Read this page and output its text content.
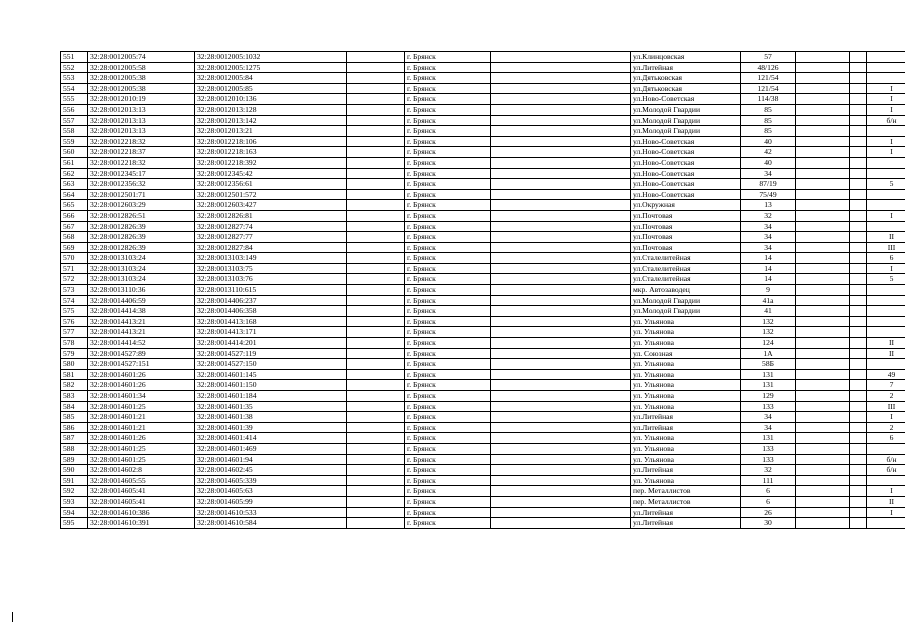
551	32:28:0012005:74	32:28:0012005:1032		г. Брянск		ул.Клинцовская	57			
552	32:28:0012005:58	32:28:0012005:1275		г. Брянск		ул.Литейная	48/126			
553	32:28:0012005:38	32:28:0012005:84		г. Брянск		ул.Дятьковская	121/54			
554	32:28:0012005:38	32:28:0012005:85		г. Брянск		ул.Дятьковская	121/54			I
555	32:28:0012010:19	32:28:0012010:136		г. Брянск		ул.Ново-Советская	114/38			I
556	32:28:0012013:13	32:28:0012013:128		г. Брянск		ул.Молодой Гвардии	85			I
557	32:28:0012013:13	32:28:0012013:142		г. Брянск		ул.Молодой Гвардии	85			б/н
558	32:28:0012013:13	32:28:0012013:21		г. Брянск		ул.Молодой Гвардии	85			
559	32:28:0012218:32	32:28:0012218:106		г. Брянск		ул.Ново-Советская	40			I
560	32:28:0012218:37	32:28:0012218:163		г. Брянск		ул.Ново-Советская	42			I
561	32:28:0012218:32	32:28:0012218:392		г. Брянск		ул.Ново-Советская	40			
562	32:28:0012345:17	32:28:0012345:42		г. Брянск		ул.Ново-Советская	34			
563	32:28:0012356:32	32:28:0012356:61		г. Брянск		ул.Ново-Советская	87/19			5
564	32:28:0012501:71	32:28:0012501:572		г. Брянск		ул.Ново-Советская	75/49			
565	32:28:0012603:29	32:28:0012603:427		г. Брянск		ул.Окружная	13			
566	32:28:0012826:51	32:28:0012826:81		г. Брянск		ул.Почтовая	32			I
567	32:28:0012826:39	32:28:0012827:74		г. Брянск		ул.Почтовая	34			
568	32:28:0012826:39	32:28:0012827:77		г. Брянск		ул.Почтовая	34			II
569	32:28:0012826:39	32:28:0012827:84		г. Брянск		ул.Почтовая	34			III
570	32:28:0013103:24	32:28:0013103:149		г. Брянск		ул.Сталелитейная	14			6
571	32:28:0013103:24	32:28:0013103:75		г. Брянск		ул.Сталелитейная	14			I
572	32:28:0013103:24	32:28:0013103:76		г. Брянск		ул.Сталелитейная	14			5
573	32:28:0013110:36	32:28:0013110:615		г. Брянск		мкр. Автозаводец	9			
574	32:28:0014406:59	32:28:0014406:237		г. Брянск		ул.Молодой Гвардии	41а			
575	32:28:0014414:38	32:28:0014406:358		г. Брянск		ул.Молодой Гвардии	41			
576	32:28:0014413:21	32:28:0014413:168		г. Брянск		ул. Ульянова	132			
577	32:28:0014413:21	32:28:0014413:171		г. Брянск		ул. Ульянова	132			
578	32:28:0014414:52	32:28:0014414:201		г. Брянск		ул. Ульянова	124			II
579	32:28:0014527:89	32:28:0014527:119		г. Брянск		ул. Союзная	1А			II
580	32:28:0014527:151	32:28:0014527:150		г. Брянск		ул. Ульянова	58Б			
581	32:28:0014601:26	32:28:0014601:145		г. Брянск		ул. Ульянова	131			49
582	32:28:0014601:26	32:28:0014601:150		г. Брянск		ул. Ульянова	131			7
583	32:28:0014601:34	32:28:0014601:184		г. Брянск		ул. Ульянова	129			2
584	32:28:0014601:25	32:28:0014601:35		г. Брянск		ул. Ульянова	133			III
585	32:28:0014601:21	32:28:0014601:38		г. Брянск		ул.Литейная	34			I
586	32:28:0014601:21	32:28:0014601:39		г. Брянск		ул.Литейная	34			2
587	32:28:0014601:26	32:28:0014601:414		г. Брянск		ул. Ульянова	131			6
588	32:28:0014601:25	32:28:0014601:469		г. Брянск		ул. Ульянова	133			
589	32:28:0014601:25	32:28:0014601:94		г. Брянск		ул. Ульянова	133			б/н
590	32:28:0014602:8	32:28:0014602:45		г. Брянск		ул.Литейная	32			б/н
591	32:28:0014605:55	32:28:0014605:339		г. Брянск		ул. Ульянова	111			
592	32:28:0014605:41	32:28:0014605:63		г. Брянск		пер. Металлистов	6			I
593	32:28:0014605:41	32:28:0014605:99		г. Брянск		пер. Металлистов	6			II
594	32:28:0014610:386	32:28:0014610:533		г. Брянск		ул.Литейная	26			I
595	32:28:0014610:391	32:28:0014610:584		г. Брянск		ул.Литейная	30			
